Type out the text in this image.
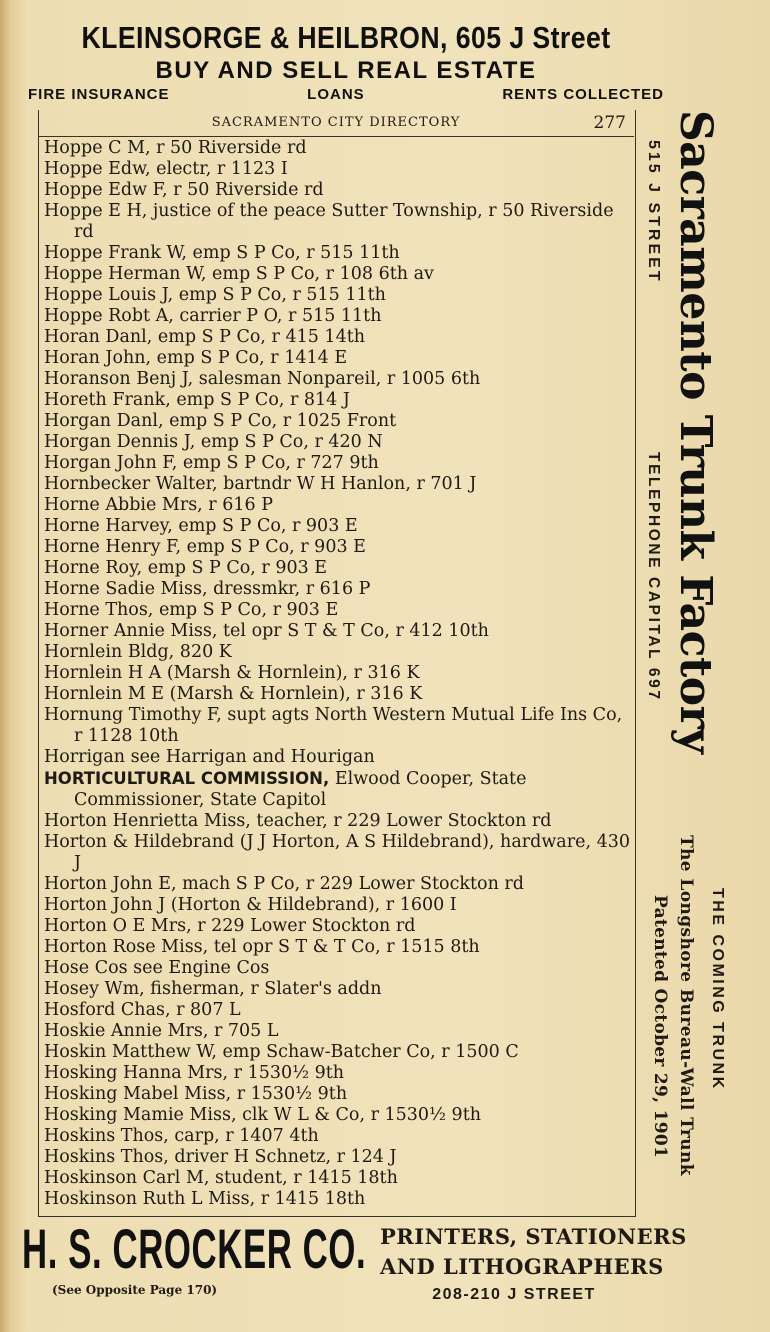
KLEINSORGE & HEILBRON, 605 J Street
BUY AND SELL REAL ESTATE
FIRE INSURANCE	LOANS	RENTS COLLECTED
SACRAMENTO CITY DIRECTORY	277
Hoppe C M, r 50 Riverside rd
Hoppe Edw, electr, r 1123 I
Hoppe Edw F, r 50 Riverside rd
Hoppe E H, justice of the peace Sutter Township, r 50 Riverside rd
Hoppe Frank W, emp S P Co, r 515 11th
Hoppe Herman W, emp S P Co, r 108 6th av
Hoppe Louis J, emp S P Co, r 515 11th
Hoppe Robt A, carrier P O, r 515 11th
Horan Danl, emp S P Co, r 415 14th
Horan John, emp S P Co, r 1414 E
Horanson Benj J, salesman Nonpareil, r 1005 6th
Horeth Frank, emp S P Co, r 814 J
Horgan Danl, emp S P Co, r 1025 Front
Horgan Dennis J, emp S P Co, r 420 N
Horgan John F, emp S P Co, r 727 9th
Hornbecker Walter, bartndr W H Hanlon, r 701 J
Horne Abbie Mrs, r 616 P
Horne Harvey, emp S P Co, r 903 E
Horne Henry F, emp S P Co, r 903 E
Horne Roy, emp S P Co, r 903 E
Horne Sadie Miss, dressmkr, r 616 P
Horne Thos, emp S P Co, r 903 E
Horner Annie Miss, tel opr S T & T Co, r 412 10th
Hornlein Bldg, 820 K
Hornlein H A (Marsh & Hornlein), r 316 K
Hornlein M E (Marsh & Hornlein), r 316 K
Hornung Timothy F, supt agts North Western Mutual Life Ins Co, r 1128 10th
Horrigan see Harrigan and Hourigan
HORTICULTURAL COMMISSION, Elwood Cooper, State Commissioner, State Capitol
Horton Henrietta Miss, teacher, r 229 Lower Stockton rd
Horton & Hildebrand (J J Horton, A S Hildebrand), hardware, 430 J
Horton John E, mach S P Co, r 229 Lower Stockton rd
Horton John J (Horton & Hildebrand), r 1600 I
Horton O E Mrs, r 229 Lower Stockton rd
Horton Rose Miss, tel opr S T & T Co, r 1515 8th
Hose Cos see Engine Cos
Hosey Wm, fisherman, r Slater's addn
Hosford Chas, r 807 L
Hoskie Annie Mrs, r 705 L
Hoskin Matthew W, emp Schaw-Batcher Co, r 1500 C
Hosking Hanna Mrs, r 1530½ 9th
Hosking Mabel Miss, r 1530½ 9th
Hosking Mamie Miss, clk W L & Co, r 1530½ 9th
Hoskins Thos, carp, r 1407 4th
Hoskins Thos, driver H Schnetz, r 124 J
Hoskinson Carl M, student, r 1415 18th
Hoskinson Ruth L Miss, r 1415 18th
Sacramento Trunk Factory
515 J STREET
TELEPHONE CAPITAL 697
THE COMING TRUNK
The Longshore Bureau-Wall Trunk
Patented October 29, 1901
H. S. CROCKER CO. PRINTERS, STATIONERS
AND LITHOGRAPHERS
(See Opposite Page 170)	208-210 J STREET
